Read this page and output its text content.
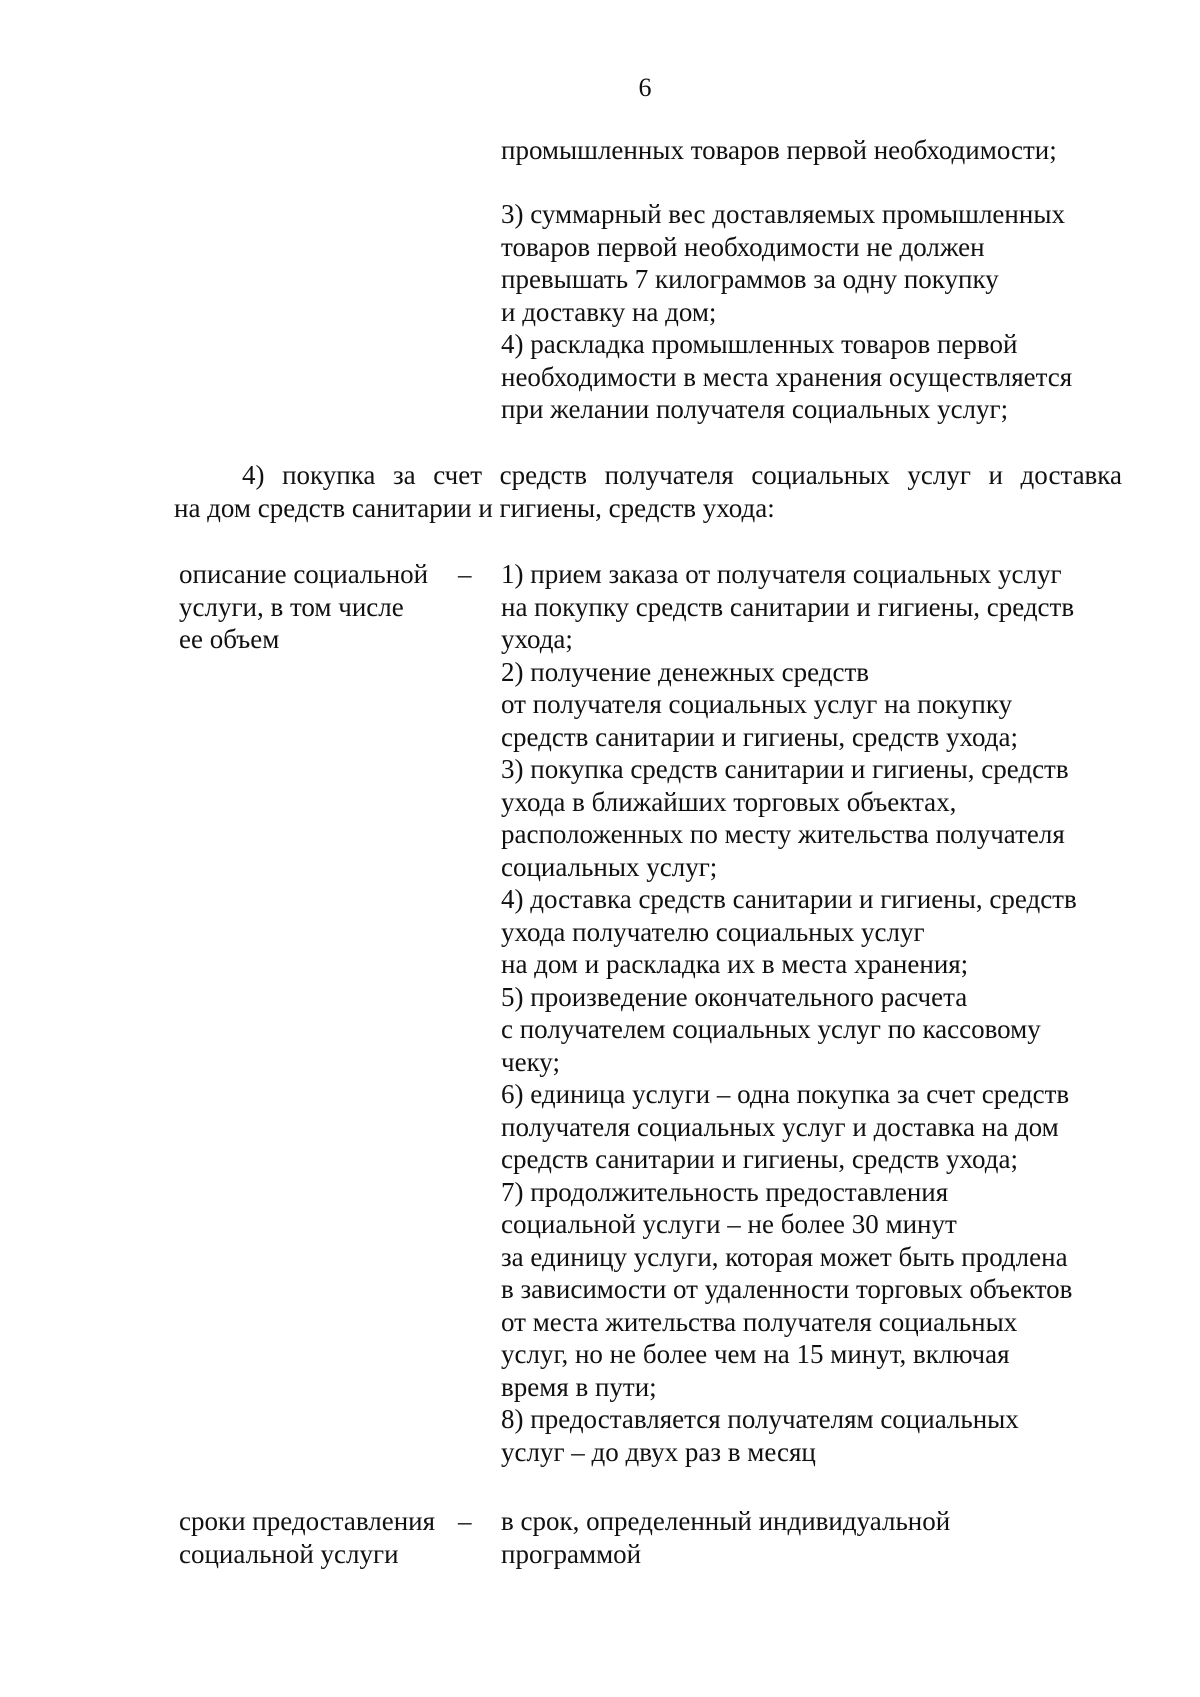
6
промышленных товаров первой необходимости;
3) суммарный вес доставляемых промышленных
товаров первой необходимости не должен
превышать 7 килограммов за одну покупку
и доставку на дом;
4) раскладка промышленных товаров первой
необходимости в места хранения осуществляется
при желании получателя социальных услуг;
4) покупка за счет средств получателя социальных услуг и доставка
на дом средств санитарии и гигиены, средств ухода:
описание социальной
услуги, в том числе
ее объем
– 1) прием заказа от получателя социальных услуг
на покупку средств санитарии и гигиены, средств
ухода;
2) получение денежных средств
от получателя социальных услуг на покупку
средств санитарии и гигиены, средств ухода;
3) покупка средств санитарии и гигиены, средств
ухода в ближайших торговых объектах,
расположенных по месту жительства получателя
социальных услуг;
4) доставка средств санитарии и гигиены, средств
ухода получателю социальных услуг
на дом и раскладка их в места хранения;
5) произведение окончательного расчета
с получателем социальных услуг по кассовому
чеку;
6) единица услуги – одна покупка за счет средств
получателя социальных услуг и доставка на дом
средств санитарии и гигиены, средств ухода;
7) продолжительность предоставления
социальной услуги – не более 30 минут
за единицу услуги, которая может быть продлена
в зависимости от удаленности торговых объектов
от места жительства получателя социальных
услуг, но не более чем на 15 минут, включая
время в пути;
8) предоставляется получателям социальных
услуг – до двух раз в месяц
сроки предоставления
социальной услуги
– в срок, определенный индивидуальной
программой
